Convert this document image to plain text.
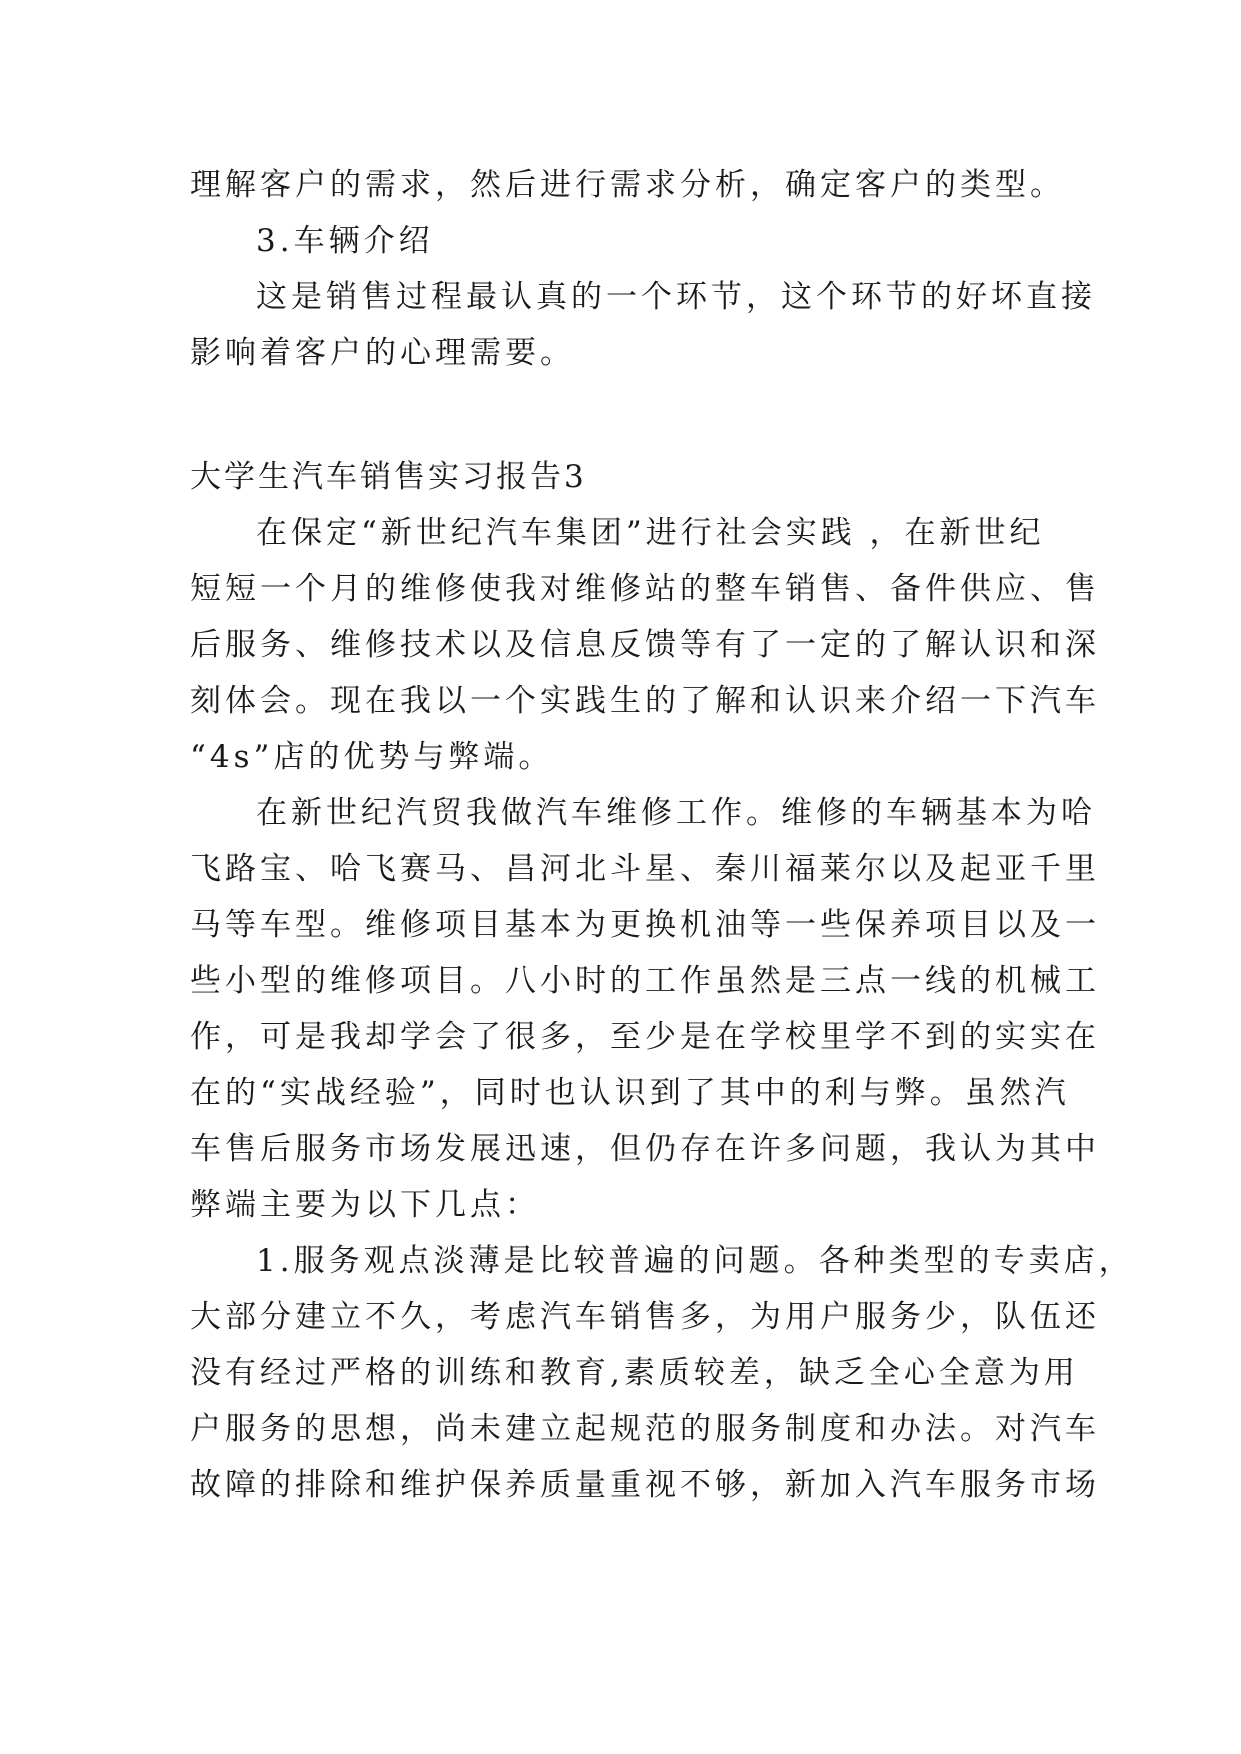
理解客户的需求，然后进行需求分析，确定客户的类型。
3.车辆介绍
这是销售过程最认真的一个环节，这个环节的好坏直接
影响着客户的心理需要。
大学生汽车销售实习报告3
在保定“新世纪汽车集团”进行社会实践 ，在新世纪
短短一个月的维修使我对维修站的整车销售、备件供应、售
后服务、维修技术以及信息反馈等有了一定的了解认识和深
刻体会。现在我以一个实践生的了解和认识来介绍一下汽车
“4s”店的优势与弊端。
在新世纪汽贸我做汽车维修工作。维修的车辆基本为哈
飞路宝、哈飞赛马、昌河北斗星、秦川福莱尔以及起亚千里
马等车型。维修项目基本为更换机油等一些保养项目以及一
些小型的维修项目。八小时的工作虽然是三点一线的机械工
作，可是我却学会了很多，至少是在学校里学不到的实实在
在的“实战经验”，同时也认识到了其中的利与弊。虽然汽
车售后服务市场发展迅速，但仍存在许多问题，我认为其中
弊端主要为以下几点：
1.服务观点淡薄是比较普遍的问题。各种类型的专卖店，
大部分建立不久，考虑汽车销售多，为用户服务少，队伍还
没有经过严格的训练和教育,素质较差，缺乏全心全意为用
户服务的思想，尚未建立起规范的服务制度和办法。对汽车
故障的排除和维护保养质量重视不够，新加入汽车服务市场
